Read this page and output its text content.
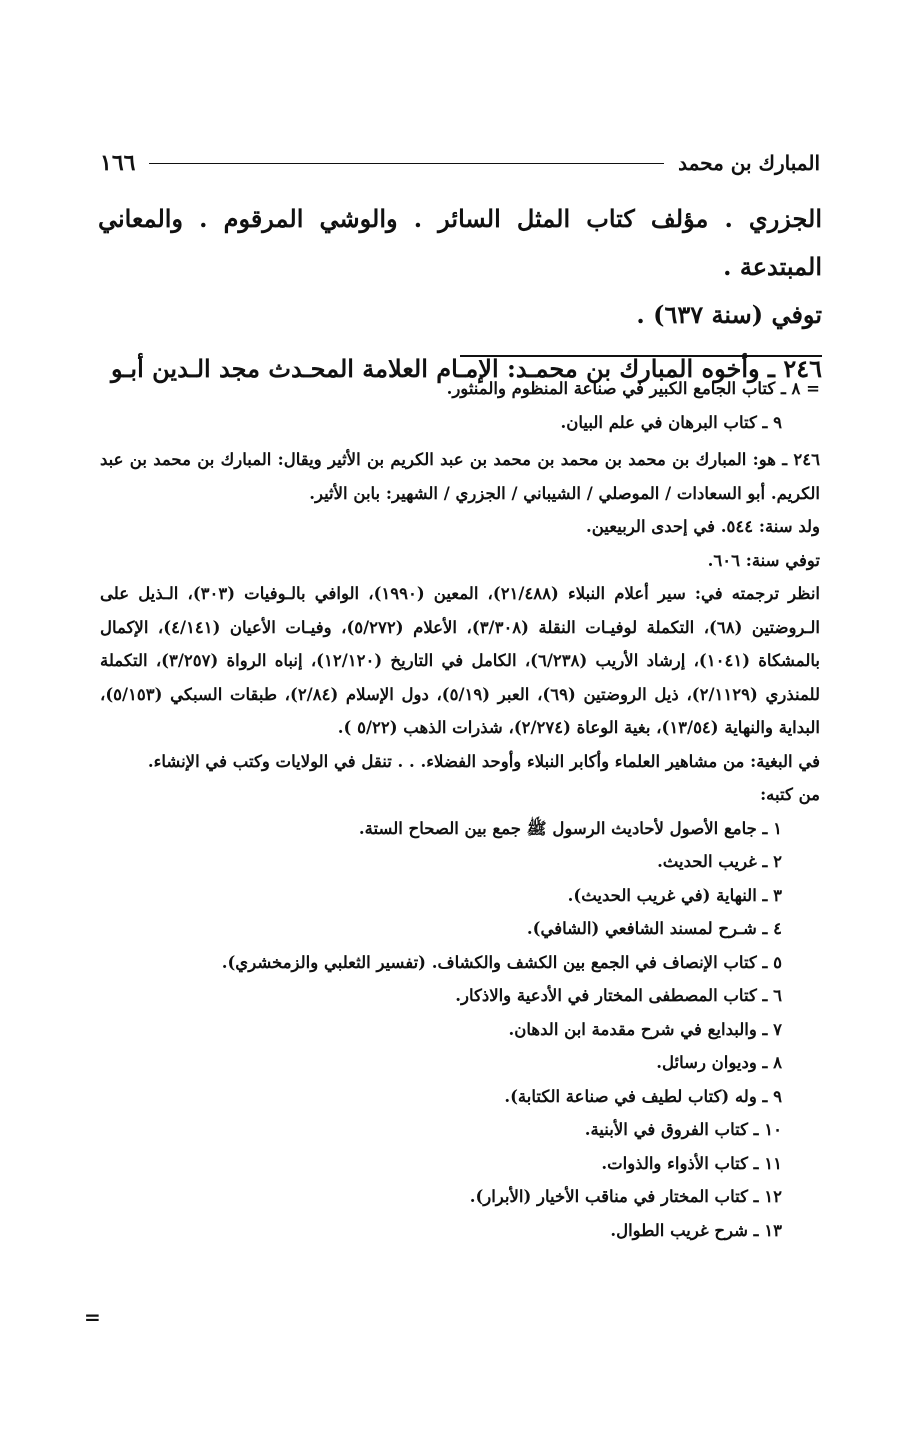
المبارك بن محمد
١٦٦

الجزري . مؤلف كتاب المثل السائر . والوشي المرقوم . والمعاني المبتدعة .

توفي (سنة ٦٣٧) .

٢٤٦ ـ وأخوه المبارك بن محمـد: الإمـام العلامة المحـدث مجد الـدين أبـو

= ٨ ـ كتاب الجامع الكبير في صناعة المنظوم والمنثور.

٩ ـ كتاب البرهان في علم البيان.

٢٤٦ ـ هو: المبارك بن محمد بن محمد بن محمد بن عبد الكريم بن الأثير ويقال: المبارك بن محمد بن عبد الكريم. أبو السعادات / الموصلي / الشيباني / الجزري / الشهير: بابن الأثير.

ولد سنة: ٥٤٤. في إحدى الربيعين.

توفي سنة: ٦٠٦.

انظر ترجمته في: سير أعلام النبلاء (٢١/٤٨٨)، المعين (١٩٩٠)، الوافي بالـوفيات (٣٠٣)، الـذيل على الـروضتين (٦٨)، التكملة لوفيـات النقلة (٣/٣٠٨)، الأعلام (٥/٢٧٢)، وفيـات الأعيان (٤/١٤١)، الإكمال بالمشكاة (١٠٤١)، إرشاد الأريب (٦/٢٣٨)، الكامل في التاريخ (١٢/١٢٠)، إنباه الرواة (٣/٢٥٧)، التكملة للمنذري (٢/١١٢٩)، ذيل الروضتين (٦٩)، العبر (٥/١٩)، دول الإسلام (٢/٨٤)، طبقات السبكي (٥/١٥٣)، البداية والنهاية (١٣/٥٤)، بغية الوعاة (٢/٢٧٤)، شذرات الذهب (٥/٢٢ ).

في البغية: من مشاهير العلماء وأكابر النبلاء وأوحد الفضلاء. . . تنقل في الولايات وكتب في الإنشاء.

من كتبه:

١ ـ جامع الأصول لأحاديث الرسول ﷺ جمع بين الصحاح الستة.

٢ ـ غريب الحديث.

٣ ـ النهاية (في غريب الحديث).

٤ ـ شـرح لمسند الشافعي (الشافي).

٥ ـ كتاب الإنصاف في الجمع بين الكشف والكشاف. (تفسير الثعلبي والزمخشري).

٦ ـ كتاب المصطفى المختار في الأدعية والاذكار.

٧ ـ والبدايع في شرح مقدمة ابن الدهان.

٨ ـ وديوان رسائل.

٩ ـ وله (كتاب لطيف في صناعة الكتابة).

١٠ ـ كتاب الفروق في الأبنية.

١١ ـ كتاب الأذواء والذوات.

١٢ ـ كتاب المختار في مناقب الأخيار (الأبرار).

١٣ ـ شرح غريب الطوال.

=
